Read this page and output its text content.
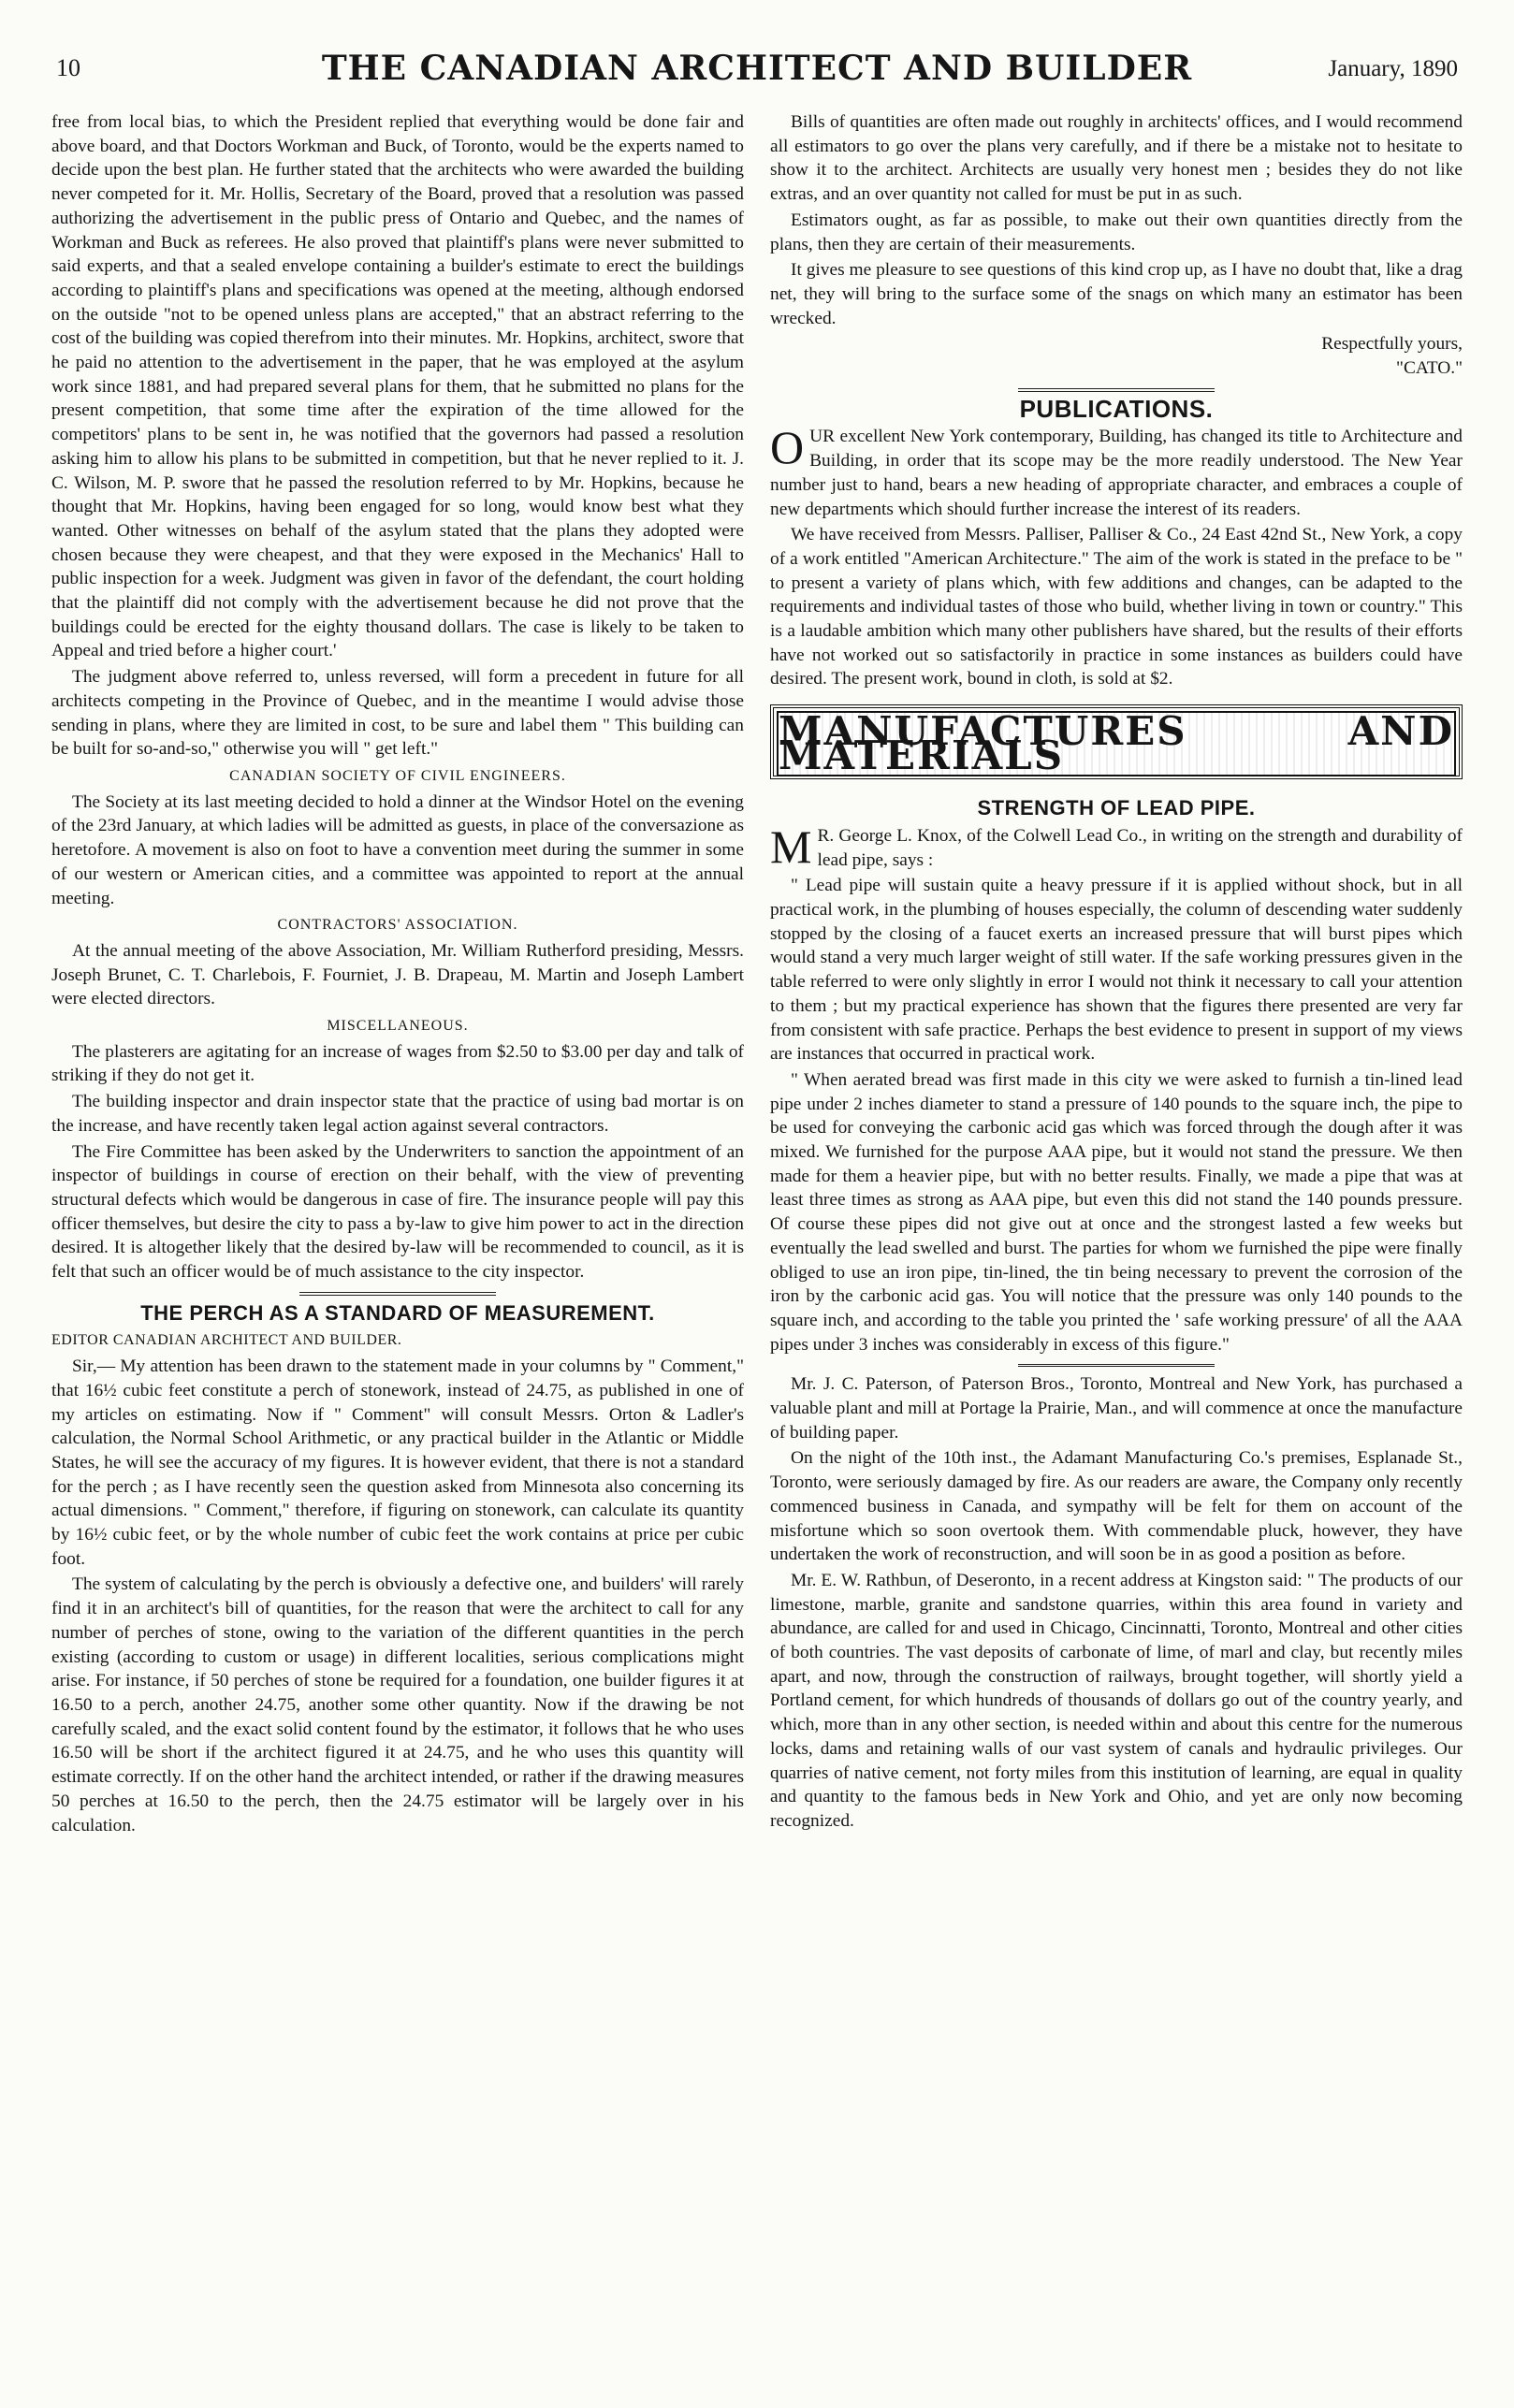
10	THE CANADIAN ARCHITECT AND BUILDER	January, 1890

free from local bias, to which the President replied that everything would be done fair and above board, and that Doctors Workman and Buck, of Toronto, would be the experts named to decide upon the best plan. He further stated that the architects who were awarded the building never competed for it. Mr. Hollis, Secretary of the Board, proved that a resolution was passed authorizing the advertisement in the public press of Ontario and Quebec, and the names of Workman and Buck as referees. He also proved that plaintiff's plans were never submitted to said experts, and that a sealed envelope containing a builder's estimate to erect the buildings according to plaintiff's plans and specifications was opened at the meeting, although endorsed on the outside "not to be opened unless plans are accepted," that an abstract referring to the cost of the building was copied therefrom into their minutes. Mr. Hopkins, architect, swore that he paid no attention to the advertisement in the paper, that he was employed at the asylum work since 1881, and had prepared several plans for them, that he submitted no plans for the present competition, that some time after the expiration of the time allowed for the competitors' plans to be sent in, he was notified that the governors had passed a resolution asking him to allow his plans to be submitted in competition, but that he never replied to it. J. C. Wilson, M. P. swore that he passed the resolution referred to by Mr. Hopkins, because he thought that Mr. Hopkins, having been engaged for so long, would know best what they wanted. Other witnesses on behalf of the asylum stated that the plans they adopted were chosen because they were cheapest, and that they were exposed in the Mechanics' Hall to public inspection for a week. Judgment was given in favor of the defendant, the court holding that the plaintiff did not comply with the advertisement because he did not prove that the buildings could be erected for the eighty thousand dollars. The case is likely to be taken to Appeal and tried before a higher court.'

The judgment above referred to, unless reversed, will form a precedent in future for all architects competing in the Province of Quebec, and in the meantime I would advise those sending in plans, where they are limited in cost, to be sure and label them " This building can be built for so-and-so," otherwise you will " get left."

CANADIAN SOCIETY OF CIVIL ENGINEERS.

The Society at its last meeting decided to hold a dinner at the Windsor Hotel on the evening of the 23rd January, at which ladies will be admitted as guests, in place of the conversazione as heretofore. A movement is also on foot to have a convention meet during the summer in some of our western or American cities, and a committee was appointed to report at the annual meeting.

CONTRACTORS' ASSOCIATION.

At the annual meeting of the above Association, Mr. William Rutherford presiding, Messrs. Joseph Brunet, C. T. Charlebois, F. Fourniet, J. B. Drapeau, M. Martin and Joseph Lambert were elected directors.

MISCELLANEOUS.

The plasterers are agitating for an increase of wages from $2.50 to $3.00 per day and talk of striking if they do not get it.

The building inspector and drain inspector state that the practice of using bad mortar is on the increase, and have recently taken legal action against several contractors.

The Fire Committee has been asked by the Underwriters to sanction the appointment of an inspector of buildings in course of erection on their behalf, with the view of preventing structural defects which would be dangerous in case of fire. The insurance people will pay this officer themselves, but desire the city to pass a by-law to give him power to act in the direction desired. It is altogether likely that the desired by-law will be recommended to council, as it is felt that such an officer would be of much assistance to the city inspector.

THE PERCH AS A STANDARD OF MEASUREMENT.

EDITOR CANADIAN ARCHITECT AND BUILDER.

Sir,— My attention has been drawn to the statement made in your columns by " Comment," that 16½ cubic feet constitute a perch of stonework, instead of 24.75, as published in one of my articles on estimating. Now if " Comment" will consult Messrs. Orton & Ladler's calculation, the Normal School Arithmetic, or any practical builder in the Atlantic or Middle States, he will see the accuracy of my figures. It is however evident, that there is not a standard for the perch ; as I have recently seen the question asked from Minnesota also concerning its actual dimensions. " Comment," therefore, if figuring on stonework, can calculate its quantity by 16½ cubic feet, or by the whole number of cubic feet the work contains at price per cubic foot.

The system of calculating by the perch is obviously a defective one, and builders' will rarely find it in an architect's bill of quantities, for the reason that were the architect to call for any number of perches of stone, owing to the variation of the different quantities in the perch existing (according to custom or usage) in different localities, serious complications might arise. For instance, if 50 perches of stone be required for a foundation, one builder figures it at 16.50 to a perch, another 24.75, another some other quantity. Now if the drawing be not carefully scaled, and the exact solid content found by the estimator, it follows that he who uses 16.50 will be short if the architect figured it at 24.75, and he who uses this quantity will estimate correctly. If on the other hand the architect intended, or rather if the drawing measures 50 perches at 16.50 to the perch, then the 24.75 estimator will be largely over in his calculation.

Bills of quantities are often made out roughly in architects' offices, and I would recommend all estimators to go over the plans very carefully, and if there be a mistake not to hesitate to show it to the architect. Architects are usually very honest men ; besides they do not like extras, and an over quantity not called for must be put in as such.

Estimators ought, as far as possible, to make out their own quantities directly from the plans, then they are certain of their measurements.

It gives me pleasure to see questions of this kind crop up, as I have no doubt that, like a drag net, they will bring to the surface some of the snags on which many an estimator has been wrecked.

Respectfully yours,
"CATO."
PUBLICATIONS.

OUR excellent New York contemporary, Building, has changed its title to Architecture and Building, in order that its scope may be the more readily understood. The New Year number just to hand, bears a new heading of appropriate character, and embraces a couple of new departments which should further increase the interest of its readers.

We have received from Messrs. Palliser, Palliser & Co., 24 East 42nd St., New York, a copy of a work entitled "American Architecture." The aim of the work is stated in the preface to be " to present a variety of plans which, with few additions and changes, can be adapted to the requirements and individual tastes of those who build, whether living in town or country." This is a laudable ambition which many other publishers have shared, but the results of their efforts have not worked out so satisfactorily in practice in some instances as builders could have desired. The present work, bound in cloth, is sold at $2.

MANUFACTURES AND MATERIALS
STRENGTH OF LEAD PIPE.

M R. George L. Knox, of the Colwell Lead Co., in writing on the strength and durability of lead pipe, says :

" Lead pipe will sustain quite a heavy pressure if it is applied without shock, but in all practical work, in the plumbing of houses especially, the column of descending water suddenly stopped by the closing of a faucet exerts an increased pressure that will burst pipes which would stand a very much larger weight of still water. If the safe working pressures given in the table referred to were only slightly in error I would not think it necessary to call your attention to them ; but my practical experience has shown that the figures there presented are very far from consistent with safe practice. Perhaps the best evidence to present in support of my views are instances that occurred in practical work.

" When aerated bread was first made in this city we were asked to furnish a tin-lined lead pipe under 2 inches diameter to stand a pressure of 140 pounds to the square inch, the pipe to be used for conveying the carbonic acid gas which was forced through the dough after it was mixed. We furnished for the purpose AAA pipe, but it would not stand the pressure. We then made for them a heavier pipe, but with no better results. Finally, we made a pipe that was at least three times as strong as AAA pipe, but even this did not stand the 140 pounds pressure. Of course these pipes did not give out at once and the strongest lasted a few weeks but eventually the lead swelled and burst. The parties for whom we furnished the pipe were finally obliged to use an iron pipe, tin-lined, the tin being necessary to prevent the corrosion of the iron by the carbonic acid gas. You will notice that the pressure was only 140 pounds to the square inch, and according to the table you printed the ' safe working pressure' of all the AAA pipes under 3 inches was considerably in excess of this figure."

Mr. J. C. Paterson, of Paterson Bros., Toronto, Montreal and New York, has purchased a valuable plant and mill at Portage la Prairie, Man., and will commence at once the manufacture of building paper.

On the night of the 10th inst., the Adamant Manufacturing Co.'s premises, Esplanade St., Toronto, were seriously damaged by fire. As our readers are aware, the Company only recently commenced business in Canada, and sympathy will be felt for them on account of the misfortune which so soon overtook them. With commendable pluck, however, they have undertaken the work of reconstruction, and will soon be in as good a position as before.

Mr. E. W. Rathbun, of Deseronto, in a recent address at Kingston said: " The products of our limestone, marble, granite and sandstone quarries, within this area found in variety and abundance, are called for and used in Chicago, Cincinnatti, Toronto, Montreal and other cities of both countries. The vast deposits of carbonate of lime, of marl and clay, but recently miles apart, and now, through the construction of railways, brought together, will shortly yield a Portland cement, for which hundreds of thousands of dollars go out of the country yearly, and which, more than in any other section, is needed within and about this centre for the numerous locks, dams and retaining walls of our vast system of canals and hydraulic privileges. Our quarries of native cement, not forty miles from this institution of learning, are equal in quality and quantity to the famous beds in New York and Ohio, and yet are only now becoming recognized.
